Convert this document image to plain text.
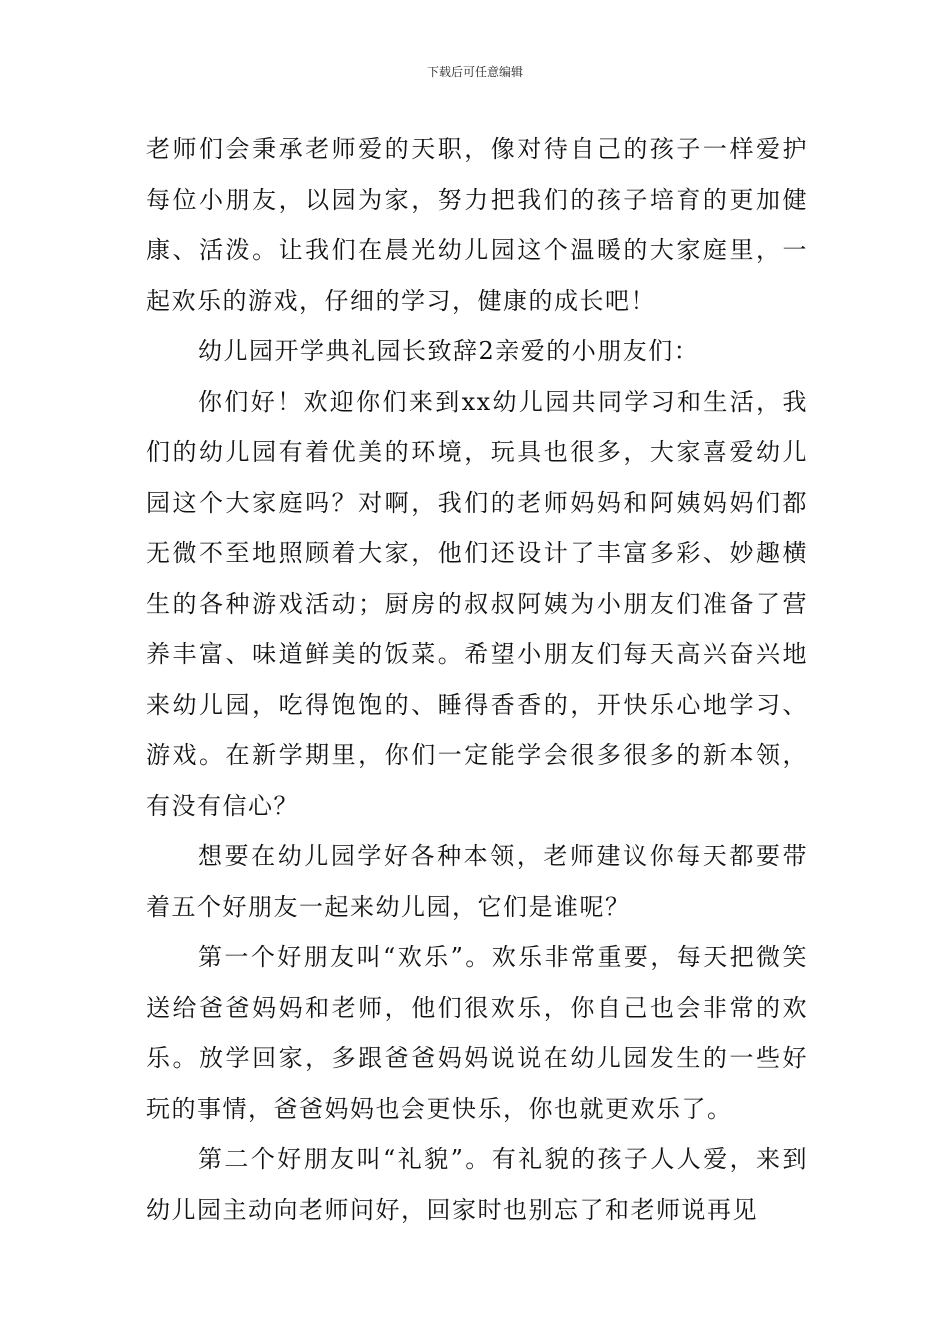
下载后可任意编辑

老师们会秉承老师爱的天职，像对待自己的孩子一样爱护每位小朋友，以园为家，努力把我们的孩子培育的更加健康、活泼。让我们在晨光幼儿园这个温暖的大家庭里，一起欢乐的游戏，仔细的学习，健康的成长吧！

幼儿园开学典礼园长致辞2亲爱的小朋友们：

你们好！欢迎你们来到xx幼儿园共同学习和生活，我们的幼儿园有着优美的环境，玩具也很多，大家喜爱幼儿园这个大家庭吗？对啊，我们的老师妈妈和阿姨妈妈们都无微不至地照顾着大家，他们还设计了丰富多彩、妙趣横生的各种游戏活动；厨房的叔叔阿姨为小朋友们准备了营养丰富、味道鲜美的饭菜。希望小朋友们每天高兴奋兴地来幼儿园，吃得饱饱的、睡得香香的，开快乐心地学习、游戏。在新学期里，你们一定能学会很多很多的新本领，有没有信心？

想要在幼儿园学好各种本领，老师建议你每天都要带着五个好朋友一起来幼儿园，它们是谁呢？

第一个好朋友叫“欢乐”。欢乐非常重要，每天把微笑送给爸爸妈妈和老师，他们很欢乐，你自己也会非常的欢乐。放学回家，多跟爸爸妈妈说说在幼儿园发生的一些好玩的事情，爸爸妈妈也会更快乐，你也就更欢乐了。

第二个好朋友叫“礼貌”。有礼貌的孩子人人爱，来到幼儿园主动向老师问好，回家时也别忘了和老师说再见
